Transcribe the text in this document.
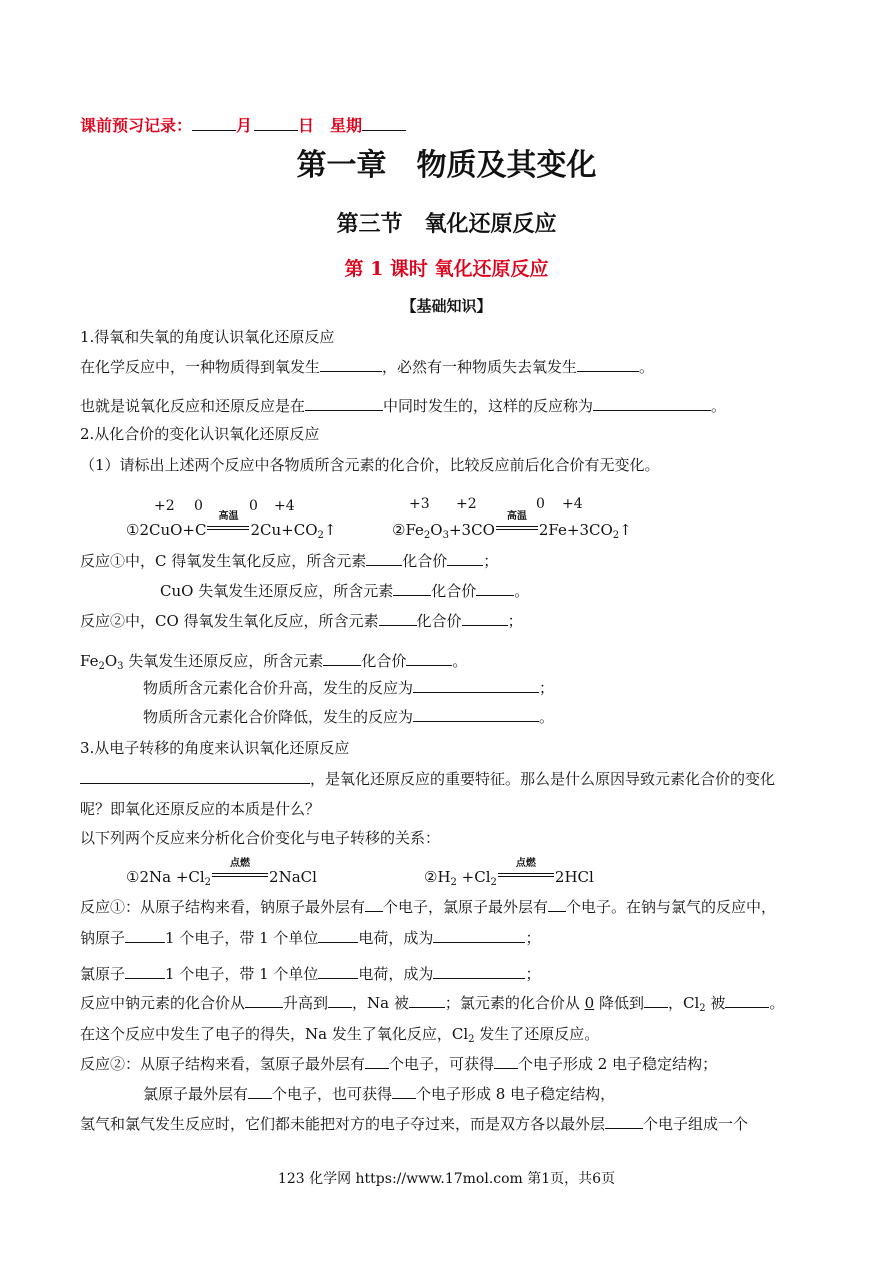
课前预习记录：	月	日 星期
第一章　物质及其变化
第三节　氧化还原反应
第 1 课时 氧化还原反应
【基础知识】
1.得氧和失氧的角度认识氧化还原反应
在化学反应中，一种物质得到氧发生	，必然有一种物质失去氧发生	。
也就是说氧化反应和还原反应是在	中同时发生的，这样的反应称为	。
2.从化合价的变化认识氧化还原反应
（1）请标出上述两个反应中各物质所含元素的化合价，比较反应前后化合价有无变化。
+2 0	0 +4
①2CuO+C
高温
$2Cu+CO_2↑$
+3 +2	0 +4
$②Fe_2O_3+3CO$
高温
$2Fe+3CO_2↑$
反应①中，C 得氧发生氧化反应，所含元素 化合价 ；
CuO 失氧发生还原反应，所含元素	化合价	。
反应②中，CO 得氧发生氧化反应，所含元素	化合价	；
$Fe_2O_3$ 失氧发生还原反应，所含元素	化合价	。
物质所含元素化合价升高，发生的反应为	；
物质所含元素化合价降低，发生的反应为	。
3.从电子转移的角度来认识氧化还原反应
，是氧化还原反应的重要特征。那么是什么原因导致元素化合价的变化
呢？即氧化还原反应的本质是什么？
以下列两个反应来分析化合价变化与电子转移的关系：
①2Na $+Cl_2$
点燃
2NaCl	$②H_2 +Cl_2$
点燃
2HCl
反应①：从原子结构来看，钠原子最外层有 个电子，氯原子最外层有 个电子。在钠与氯气的反应中，
钠原子	1 个电子，带 1 个单位	电荷，成为	；
氯原子	1 个电子，带 1 个单位	电荷，成为	；
反应中钠元素的化合价从	升高到 ，Na 被 ；氯元素的化合价从 0 降低到 ，$Cl_2$ 被	。
在这个反应中发生了电子的得失，Na 发生了氧化反应，$Cl_2$ 发生了还原反应。
反应②：从原子结构来看，氢原子最外层有 个电子，可获得 个电子形成 2 电子稳定结构；
氯原子最外层有 个电子，也可获得 个电子形成 8 电子稳定结构，
氢气和氯气发生反应时，它们都未能把对方的电子夺过来，而是双方各以最外层	个电子组成一个
123 化学网 https://www.17mol.com 第1页，共6页
